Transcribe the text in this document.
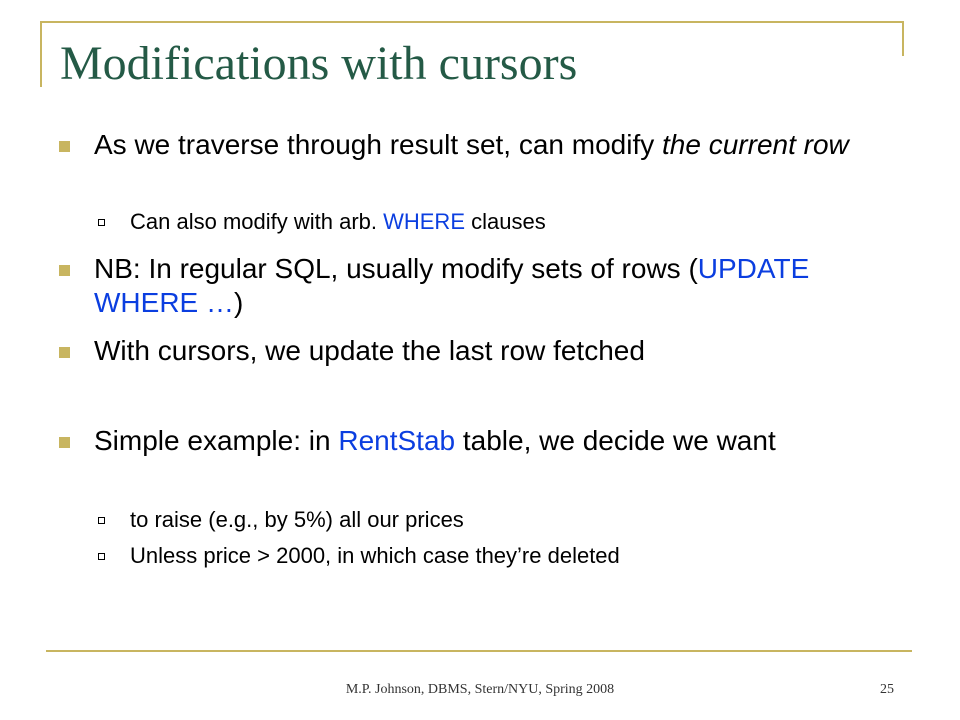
Modifications with cursors
As we traverse through result set, can modify the current row
Can also modify with arb. WHERE clauses
NB: In regular SQL, usually modify sets of rows (UPDATE WHERE …)
With cursors, we update the last row fetched
Simple example: in RentStab table, we decide we want
to raise (e.g., by 5%) all our prices
Unless price > 2000, in which case they’re deleted
M.P. Johnson, DBMS, Stern/NYU, Spring 2008	25
